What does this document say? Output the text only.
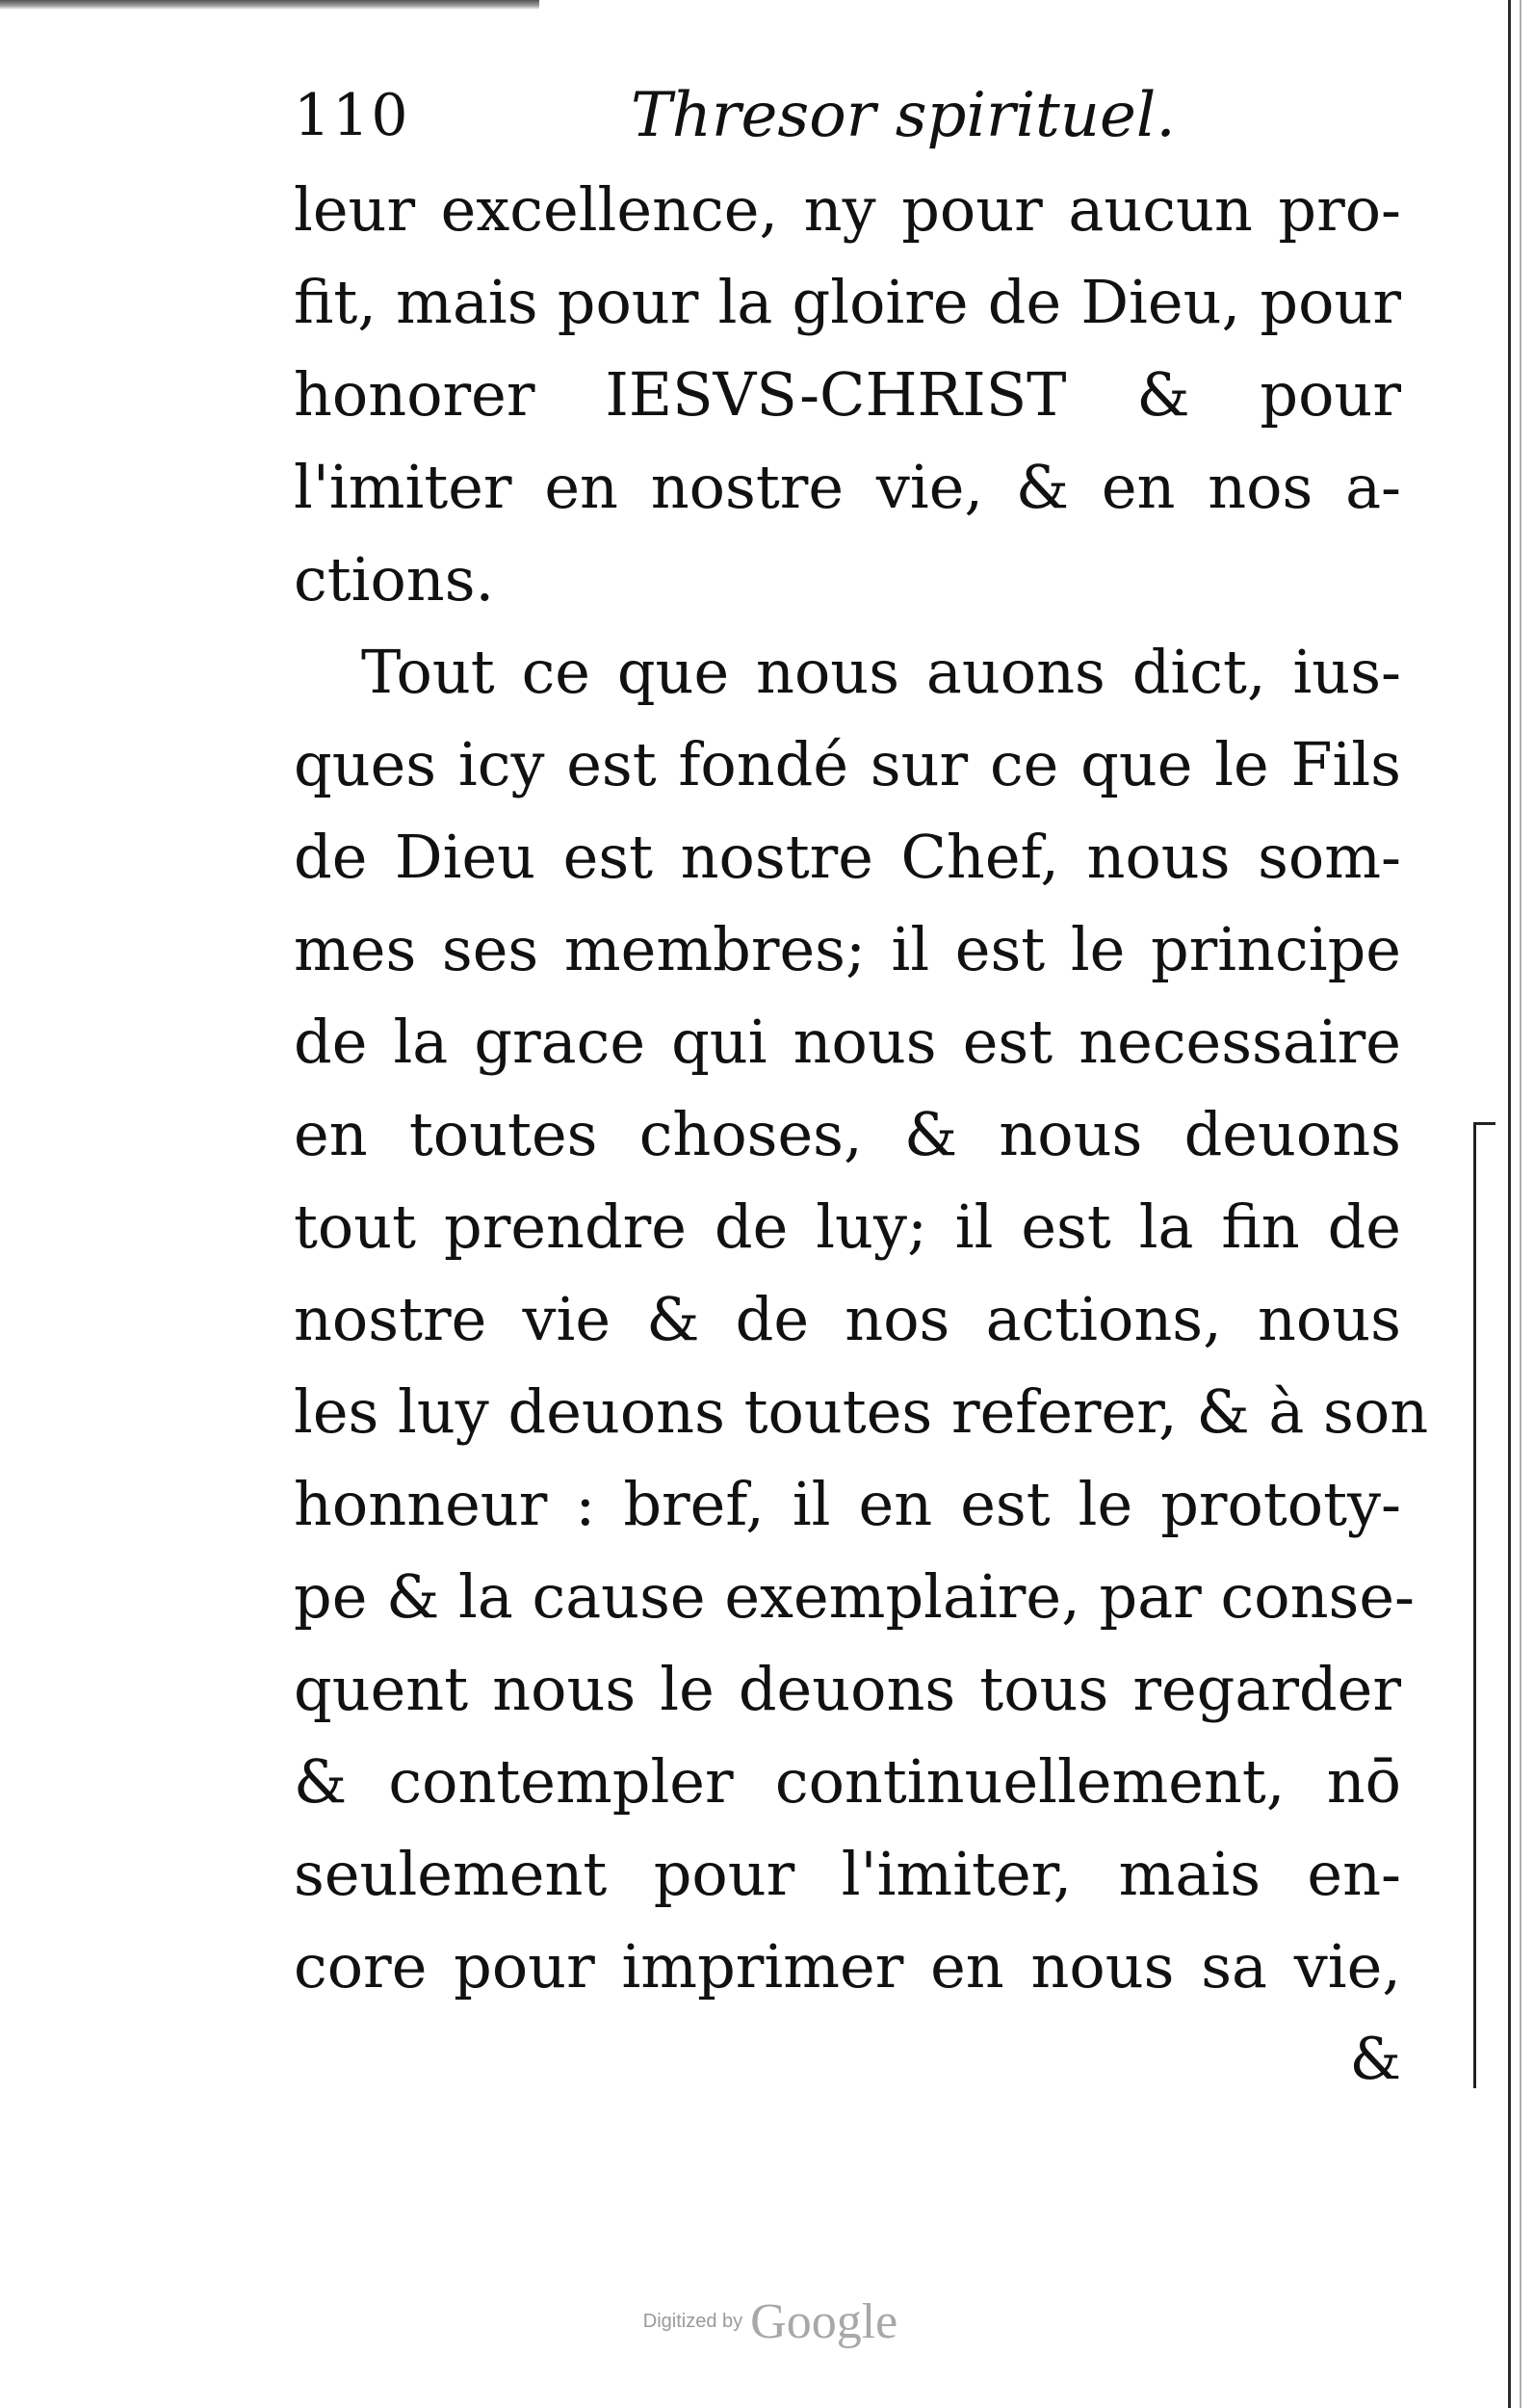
110	Thresor spirituel.
leur excellence, ny pour aucun pro-
fit, mais pour la gloire de Dieu, pour
honorer IESVS-CHRIST & pour
l'imiter en nostre vie, & en nos a-
ctions.
Tout ce que nous auons dict, ius-
ques icy est fondé sur ce que le Fils
de Dieu est nostre Chef, nous som-
mes ses membres; il est le principe
de la grace qui nous est necessaire
en toutes choses, & nous deuons
tout prendre de luy; il est la fin de
nostre vie & de nos actions, nous
les luy deuons toutes referer, & à son
honneur : bref, il en est le prototy-
pe & la cause exemplaire, par conse-
quent nous le deuons tous regarder
& contempler continuellement, nō
seulement pour l'imiter, mais en-
core pour imprimer en nous sa vie,
&
Digitized by Google
